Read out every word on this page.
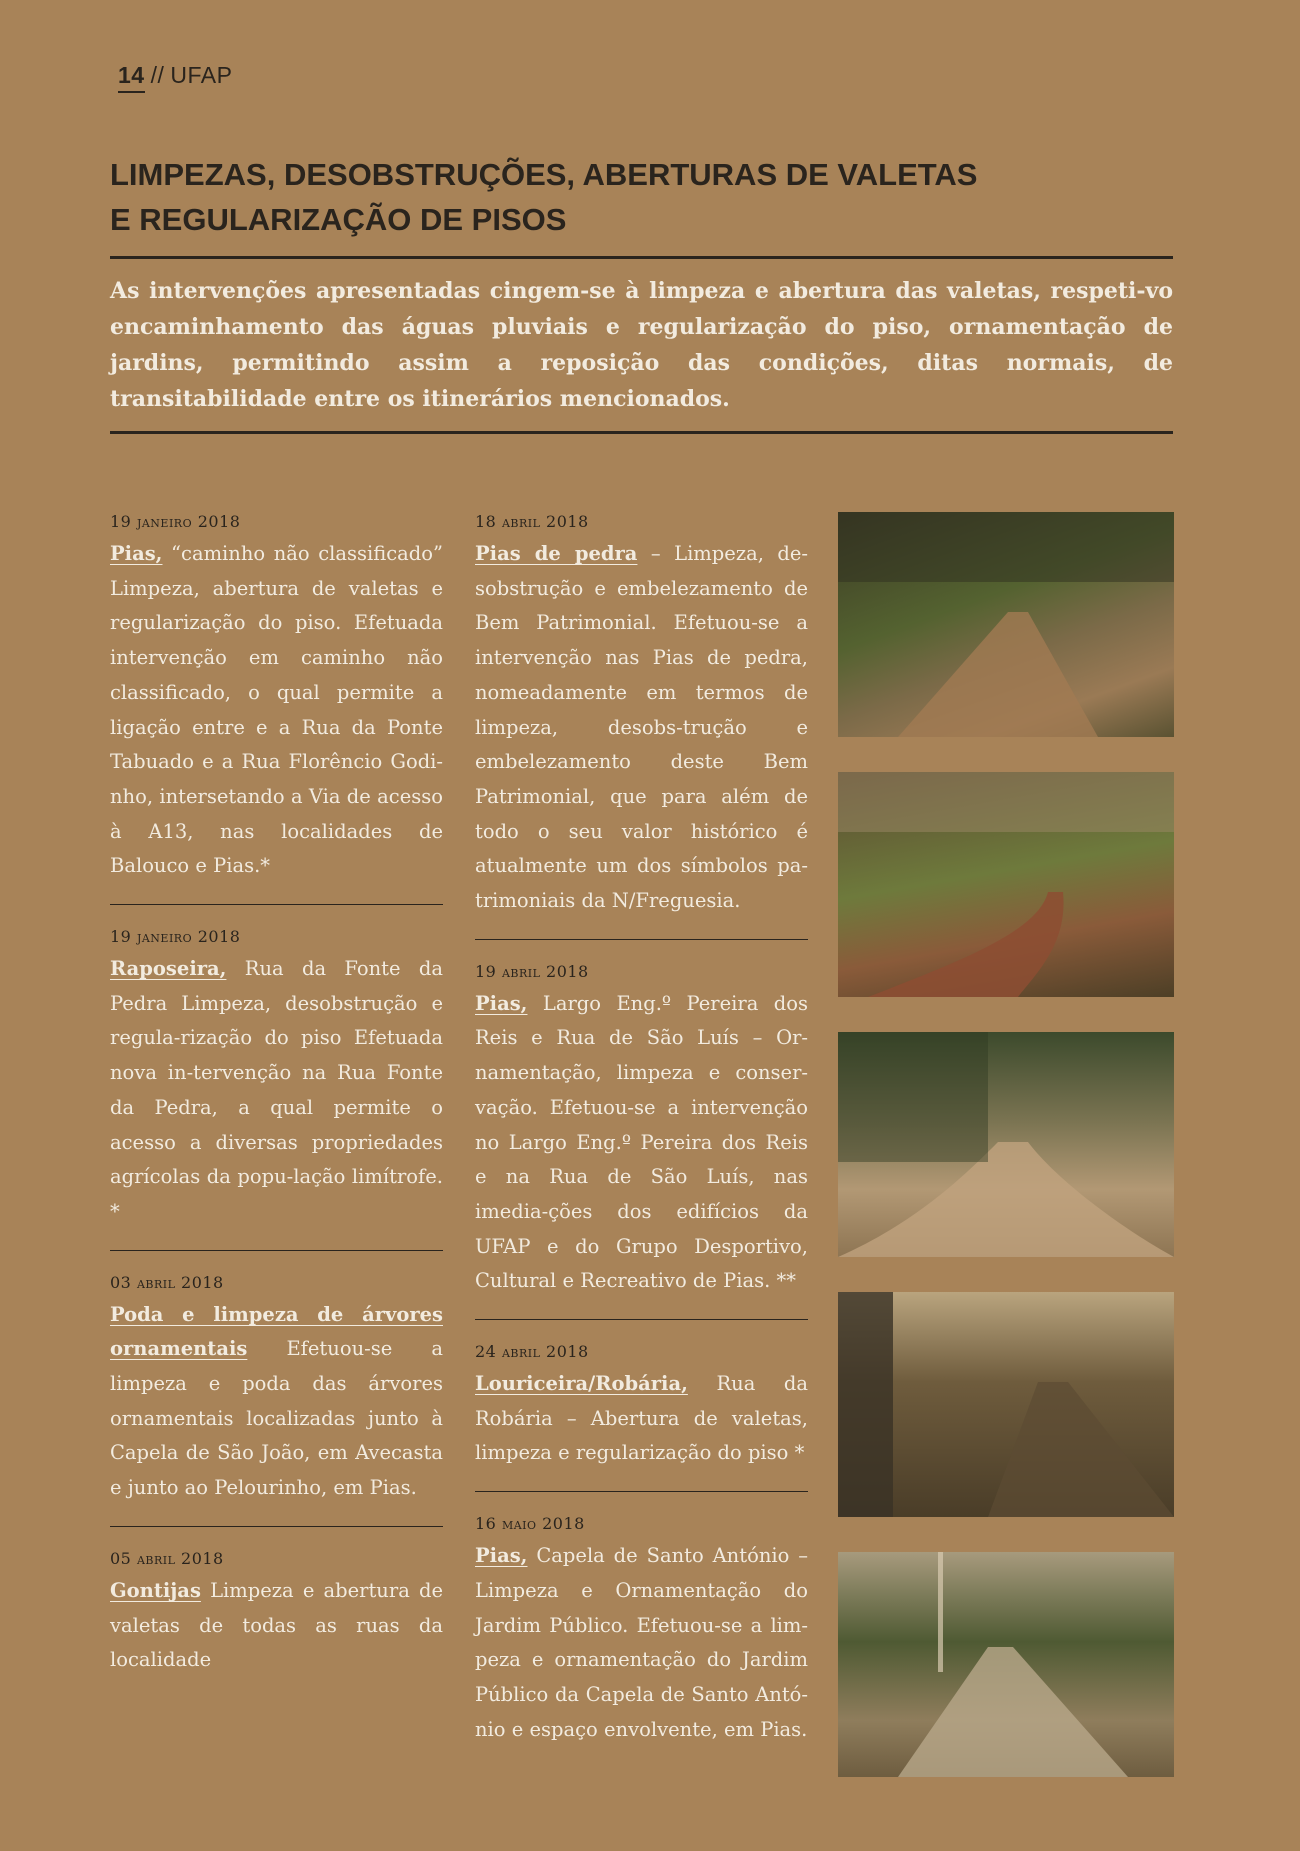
14 // UFAP
LIMPEZAS, DESOBSTRUÇÕES, ABERTURAS DE VALETAS
E REGULARIZAÇÃO DE PISOS

As intervenções apresentadas cingem-se à limpeza e abertura das valetas, respeti-vo encaminhamento das águas pluviais e regularização do piso, ornamentação de jardins, permitindo assim a reposição das condições, ditas normais, de transitabilidade entre os itinerários mencionados.

19 janeiro 2018

Pias, “caminho não classificado” Limpeza, abertura de valetas e regularização do piso. Efetuada intervenção em caminho não classificado, o qual permite a ligação entre e a Rua da Ponte Tabuado e a Rua Florêncio Godi-nho, intersetando a Via de acesso à A13, nas localidades de Balouco e Pias.*

19 janeiro 2018

Raposeira, Rua da Fonte da Pedra Limpeza, desobstrução e regula-rização do piso Efetuada nova in-tervenção na Rua Fonte da Pedra, a qual permite o acesso a diversas propriedades agrícolas da popu-lação limítrofe. *

03 abril 2018

Poda e limpeza de árvores ornamentais Efetuou-se a limpeza e poda das árvores ornamentais localizadas junto à Capela de São João, em Avecasta e junto ao Pelourinho, em Pias.

05 abril 2018

Gontijas Limpeza e abertura de valetas de todas as ruas da localidade

18 abril 2018

Pias de pedra – Limpeza, de-sobstrução e embelezamento de Bem Patrimonial. Efetuou-se a intervenção nas Pias de pedra, nomeadamente em termos de limpeza, desobs-trução e embelezamento deste Bem Patrimonial, que para além de todo o seu valor histórico é atualmente um dos símbolos pa-trimoniais da N/Freguesia.

19 abril 2018

Pias, Largo Eng.º Pereira dos Reis e Rua de São Luís – Or-namentação, limpeza e conser-vação. Efetuou-se a intervenção no Largo Eng.º Pereira dos Reis e na Rua de São Luís, nas imedia-ções dos edifícios da UFAP e do Grupo Desportivo, Cultural e Recreativo de Pias. **

24 abril 2018

Louriceira/Robária, Rua da Robária – Abertura de valetas, limpeza e regularização do piso *

16 maio 2018

Pias, Capela de Santo António – Limpeza e Ornamentação do Jardim Público. Efetuou-se a lim-peza e ornamentação do Jardim Público da Capela de Santo Antó-nio e espaço envolvente, em Pias.
